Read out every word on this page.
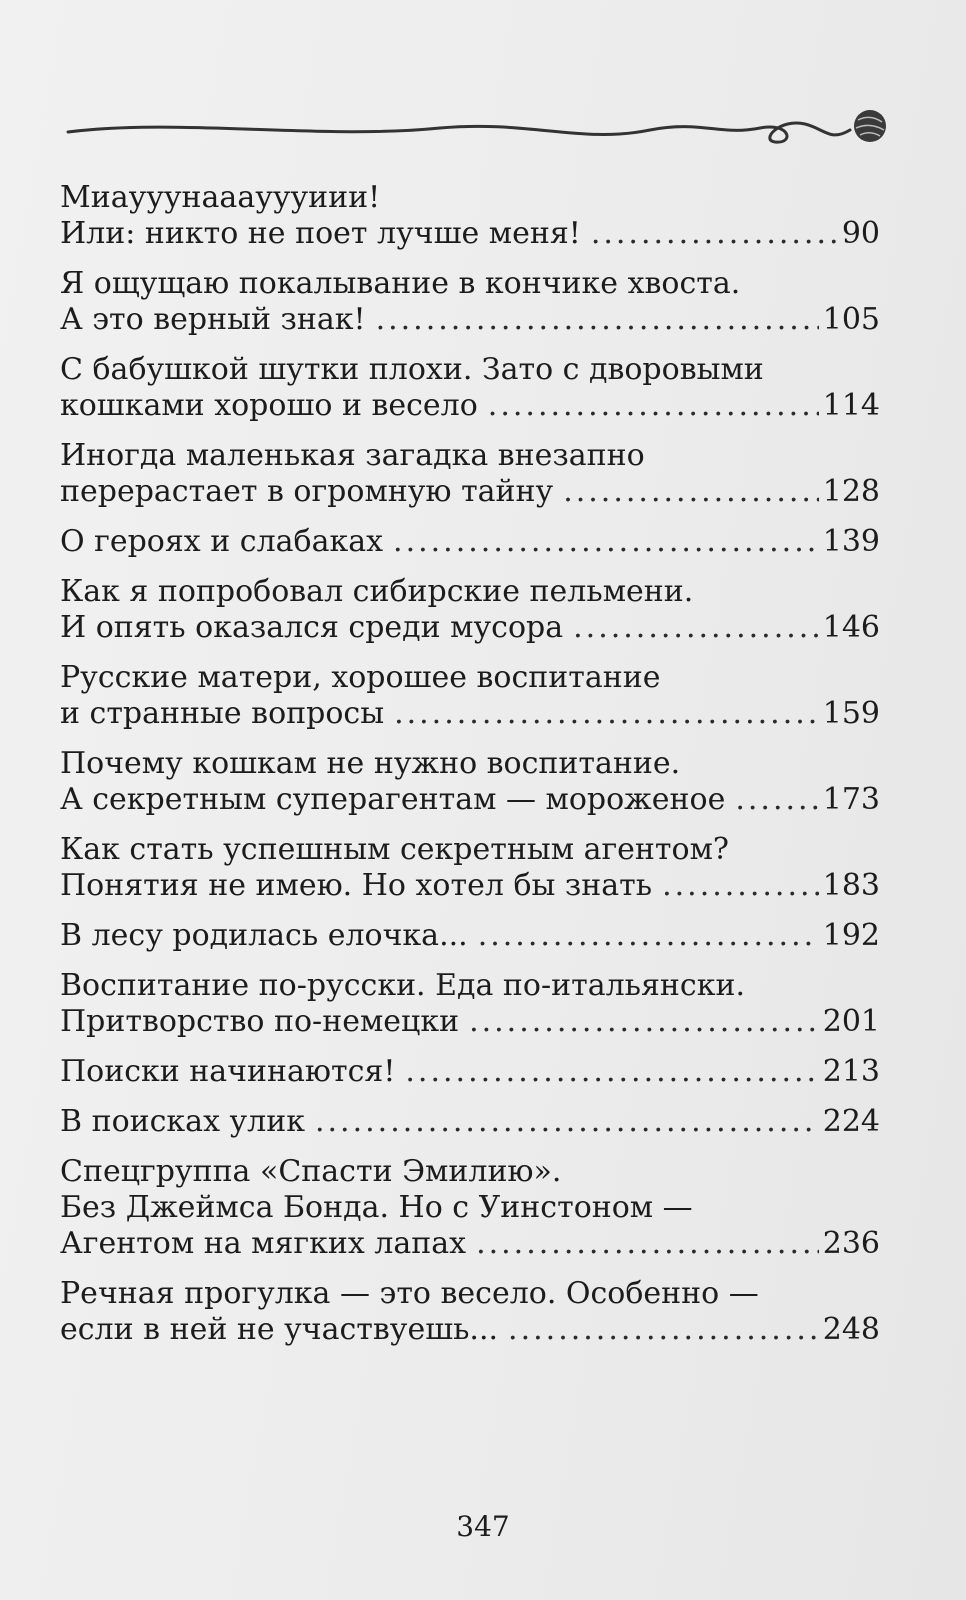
Миаууунааауууиии!
Или: никто не поет лучше меня! .....	90
Я ощущаю покалывание в кончике хвоста.
А это верный знак! .....	105
С бабушкой шутки плохи. Зато с дворовыми
кошками хорошо и весело .....	114
Иногда маленькая загадка внезапно
перерастает в огромную тайну .....	128
О героях и слабаках .....	139
Как я попробовал сибирские пельмени.
И опять оказался среди мусора .....	146
Русские матери, хорошее воспитание
и странные вопросы .....	159
Почему кошкам не нужно воспитание.
А секретным суперагентам — мороженое .....	173
Как стать успешным секретным агентом?
Понятия не имею. Но хотел бы знать .....	183
В лесу родилась елочка... .....	192
Воспитание по-русски. Еда по-итальянски.
Притворство по-немецки .....	201
Поиски начинаются! .....	213
В поисках улик .....	224
Спецгруппа «Спасти Эмилию».
Без Джеймса Бонда. Но с Уинстоном —
Агентом на мягких лапах .....	236
Речная прогулка — это весело. Особенно —
если в ней не участвуешь... .....	248
347
